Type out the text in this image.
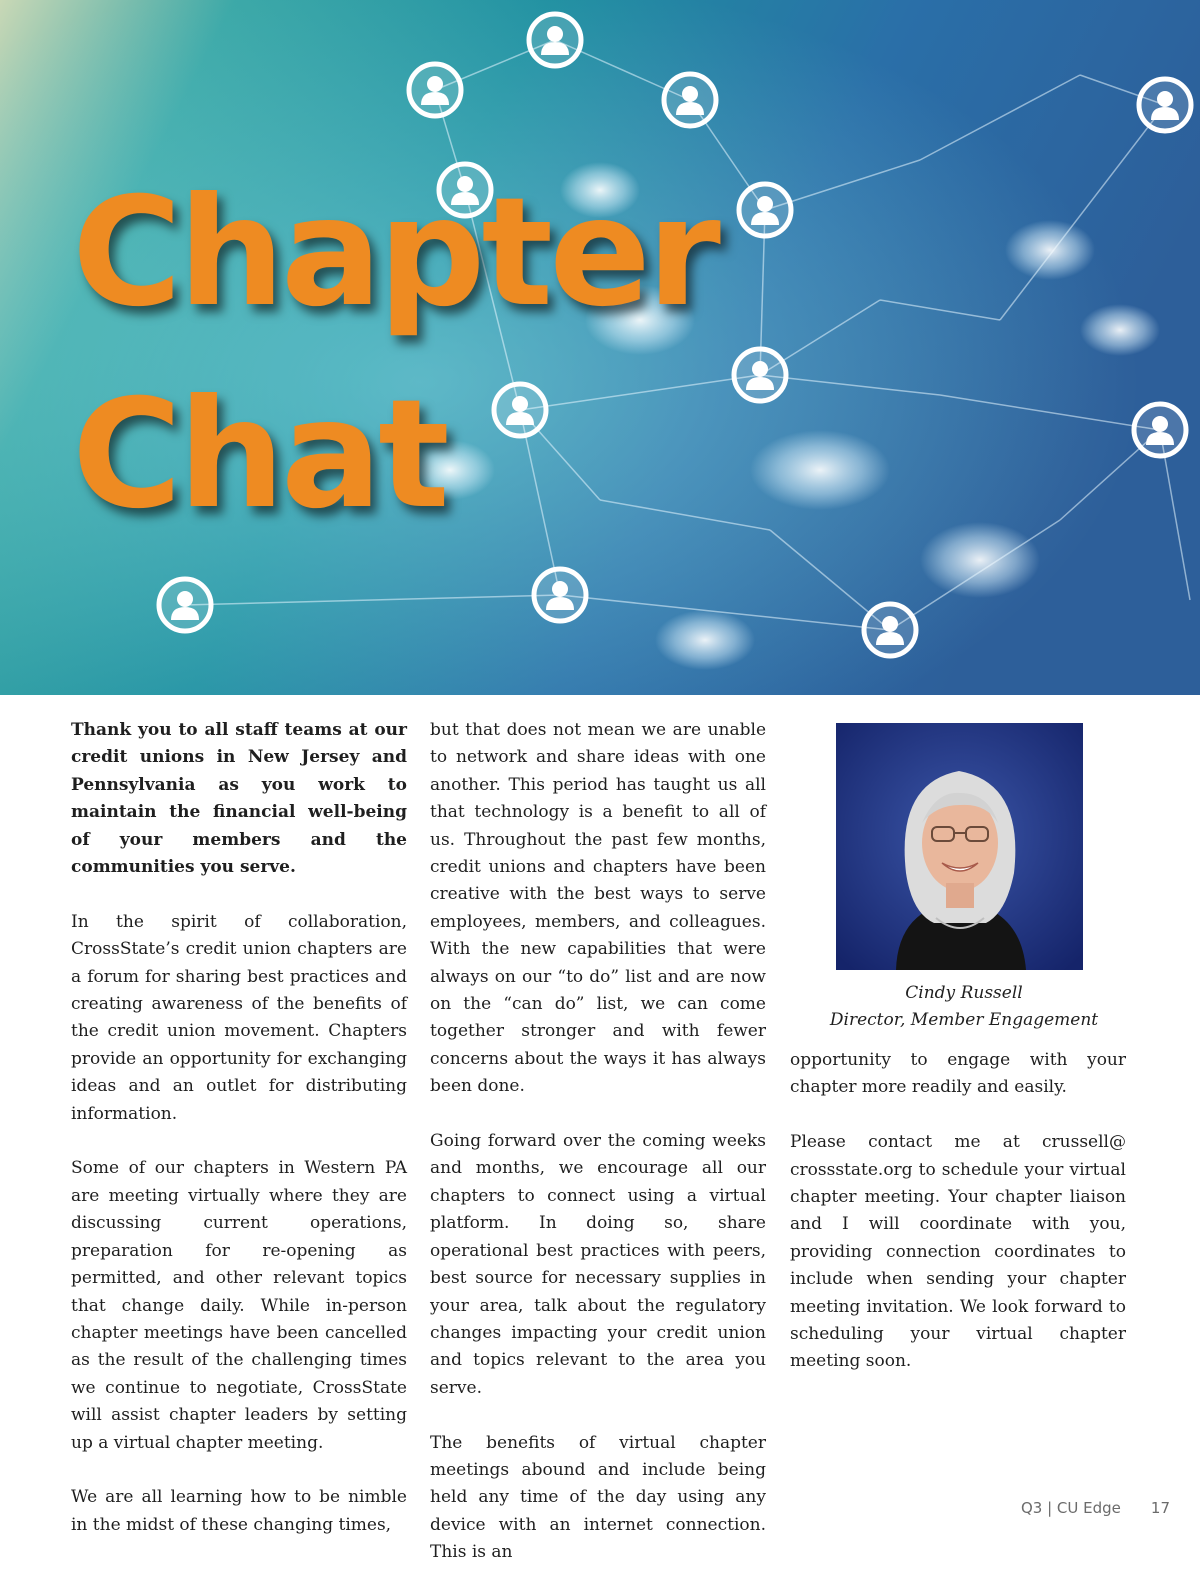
Chapter
Chat

Thank you to all staff teams at our credit unions in New Jersey and Pennsylvania as you work to maintain the financial well-being of your members and the communities you serve.

In the spirit of collaboration, CrossState’s credit union chapters are a forum for sharing best practices and creating awareness of the benefits of the credit union movement. Chapters provide an opportunity for exchanging ideas and an outlet for distributing information.

Some of our chapters in Western PA are meeting virtually where they are discussing current operations, preparation for re-opening as permitted, and other relevant topics that change daily. While in-person chapter meetings have been cancelled as the result of the challenging times we continue to negotiate, CrossState will assist chapter leaders by setting up a virtual chapter meeting.

We are all learning how to be nimble in the midst of these changing times,

but that does not mean we are unable to network and share ideas with one another. This period has taught us all that technology is a benefit to all of us. Throughout the past few months, credit unions and chapters have been creative with the best ways to serve employees, members, and colleagues. With the new capabilities that were always on our “to do” list and are now on the “can do” list, we can come together stronger and with fewer concerns about the ways it has always been done.

Going forward over the coming weeks and months, we encourage all our chapters to connect using a virtual platform. In doing so, share operational best practices with peers, best source for necessary supplies in your area, talk about the regulatory changes impacting your credit union and topics relevant to the area you serve.

The benefits of virtual chapter meetings abound and include being held any time of the day using any device with an internet connection. This is an

Cindy Russell
Director, Member Engagement

opportunity to engage with your chapter more readily and easily.

Please contact me at crussell@ crossstate.org to schedule your virtual chapter meeting. Your chapter liaison and I will coordinate with you, providing connection coordinates to include when sending your chapter meeting invitation. We look forward to scheduling your virtual chapter meeting soon.

Q3 | CU Edge 17
